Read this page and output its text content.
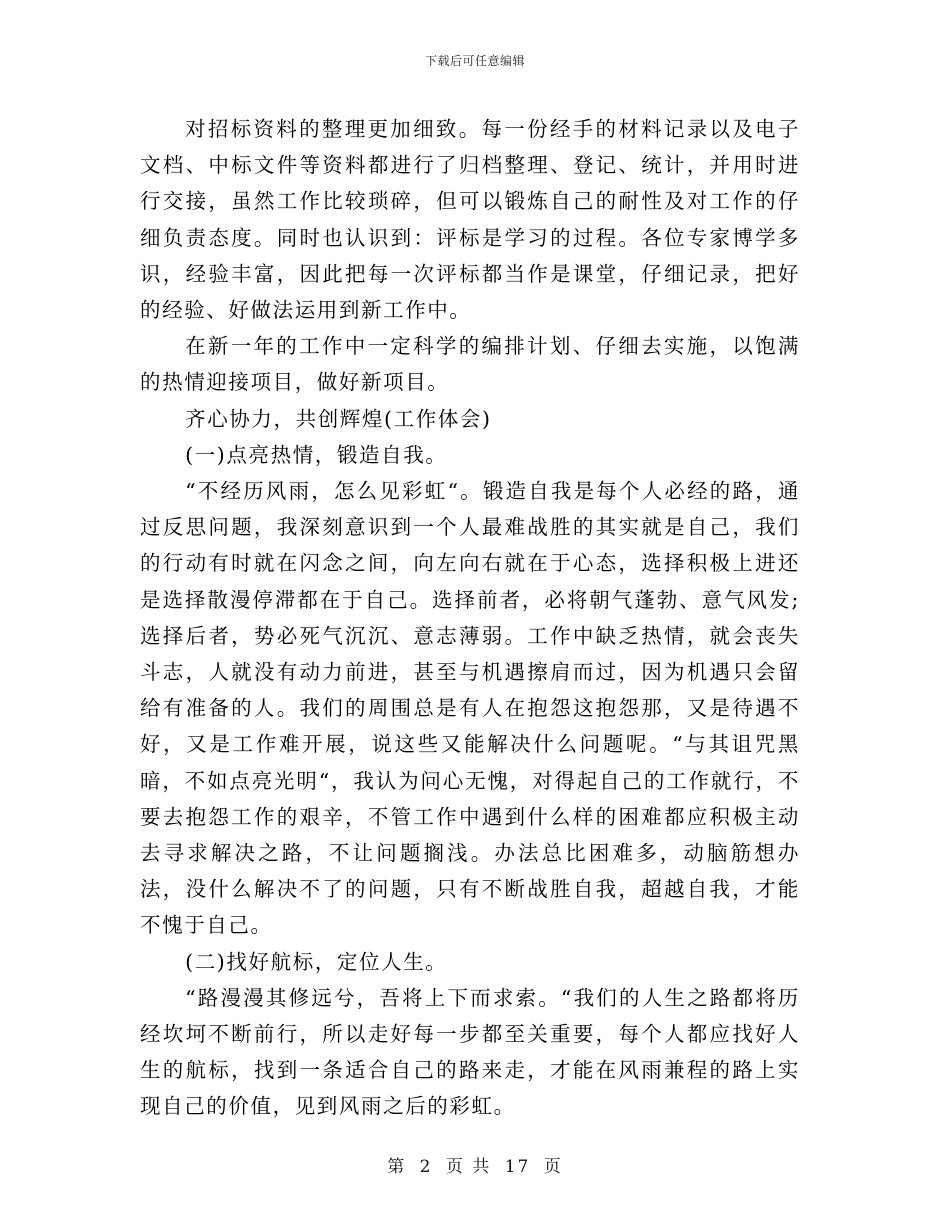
下载后可任意编辑

对招标资料的整理更加细致。每一份经手的材料记录以及电子文档、中标文件等资料都进行了归档整理、登记、统计，并用时进行交接，虽然工作比较琐碎，但可以锻炼自己的耐性及对工作的仔细负责态度。同时也认识到：评标是学习的过程。各位专家博学多识，经验丰富，因此把每一次评标都当作是课堂，仔细记录，把好的经验、好做法运用到新工作中。

在新一年的工作中一定科学的编排计划、仔细去实施，以饱满的热情迎接项目，做好新项目。

齐心协力，共创辉煌(工作体会)

(一)点亮热情，锻造自我。

“不经历风雨，怎么见彩虹“。锻造自我是每个人必经的路，通过反思问题，我深刻意识到一个人最难战胜的其实就是自己，我们的行动有时就在闪念之间，向左向右就在于心态，选择积极上进还是选择散漫停滞都在于自己。选择前者，必将朝气蓬勃、意气风发;选择后者，势必死气沉沉、意志薄弱。工作中缺乏热情，就会丧失斗志，人就没有动力前进，甚至与机遇擦肩而过，因为机遇只会留给有准备的人。我们的周围总是有人在抱怨这抱怨那，又是待遇不好，又是工作难开展，说这些又能解决什么问题呢。“与其诅咒黑暗，不如点亮光明“，我认为问心无愧，对得起自己的工作就行，不要去抱怨工作的艰辛，不管工作中遇到什么样的困难都应积极主动去寻求解决之路，不让问题搁浅。办法总比困难多，动脑筋想办法，没什么解决不了的问题，只有不断战胜自我，超越自我，才能不愧于自己。

(二)找好航标，定位人生。

“路漫漫其修远兮，吾将上下而求索。“我们的人生之路都将历经坎坷不断前行，所以走好每一步都至关重要，每个人都应找好人生的航标，找到一条适合自己的路来走，才能在风雨兼程的路上实现自己的价值，见到风雨之后的彩虹。

第 2 页 共 17 页
